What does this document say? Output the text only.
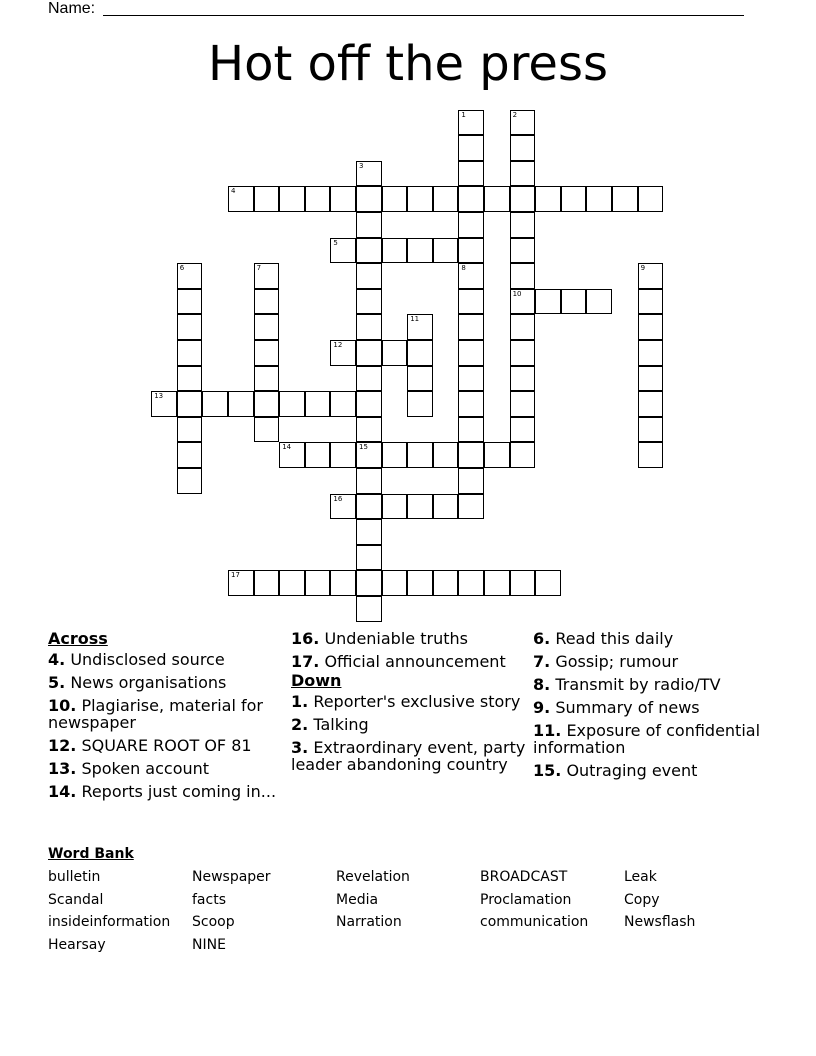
Name:
Hot off the press
1	2
10
3
15
4
5
6	7	8	9
11
12
13
14
16
17
Across
4. Undisclosed source
5. News organisations
10. Plagiarise, material for newspaper
12. SQUARE ROOT OF 81
13. Spoken account
14. Reports just coming in...
16. Undeniable truths
17. Official announcement
Down
1. Reporter's exclusive story
2. Talking
3. Extraordinary event, party leader abandoning country
6. Read this daily
7. Gossip; rumour
8. Transmit by radio/TV
9. Summary of news
11. Exposure of confidential information
15. Outraging event
Word Bank
bulletin	Newspaper	Revelation	BROADCAST	Leak
Scandal	facts	Media	Proclamation	Copy
insideinformation	Scoop	Narration	communication	Newsflash
Hearsay	NINE
